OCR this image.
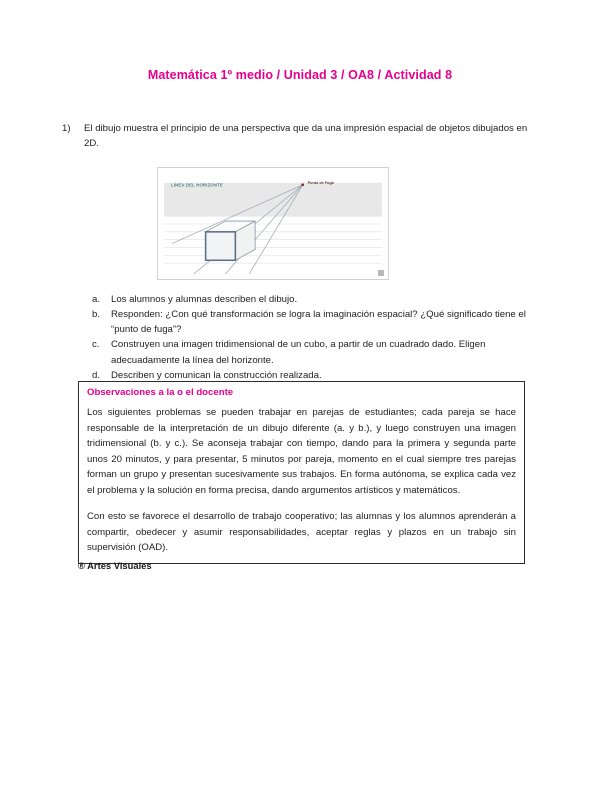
Matemática 1º medio / Unidad 3 / OA8 / Actividad 8
1)	El dibujo muestra el principio de una perspectiva que da una impresión espacial de objetos dibujados en 2D.
LÍNEA DEL HORIZONTE	Punto de Fuga
a.	Los alumnos y alumnas describen el dibujo.
b.	Responden: ¿Con qué transformación se logra la imaginación espacial? ¿Qué significado tiene el “punto de fuga”?
c.	Construyen una imagen tridimensional de un cubo, a partir de un cuadrado dado. Eligen adecuadamente la línea del horizonte.
d.	Describen y comunican la construcción realizada.
Observaciones a la o el docente

Los siguientes problemas se pueden trabajar en parejas de estudiantes; cada pareja se hace responsable de la interpretación de un dibujo diferente (a. y b.), y luego construyen una imagen tridimensional (b. y c.). Se aconseja trabajar con tiempo, dando para la primera y segunda parte unos 20 minutos, y para presentar, 5 minutos por pareja, momento en el cual siempre tres parejas forman un grupo y presentan sucesivamente sus trabajos. En forma autónoma, se explica cada vez el problema y la solución en forma precisa, dando argumentos artísticos y matemáticos.

Con esto se favorece el desarrollo de trabajo cooperativo; las alumnas y los alumnos aprenderán a compartir, obedecer y asumir responsabilidades, aceptar reglas y plazos en un trabajo sin supervisión (OAD).

® Artes Visuales
